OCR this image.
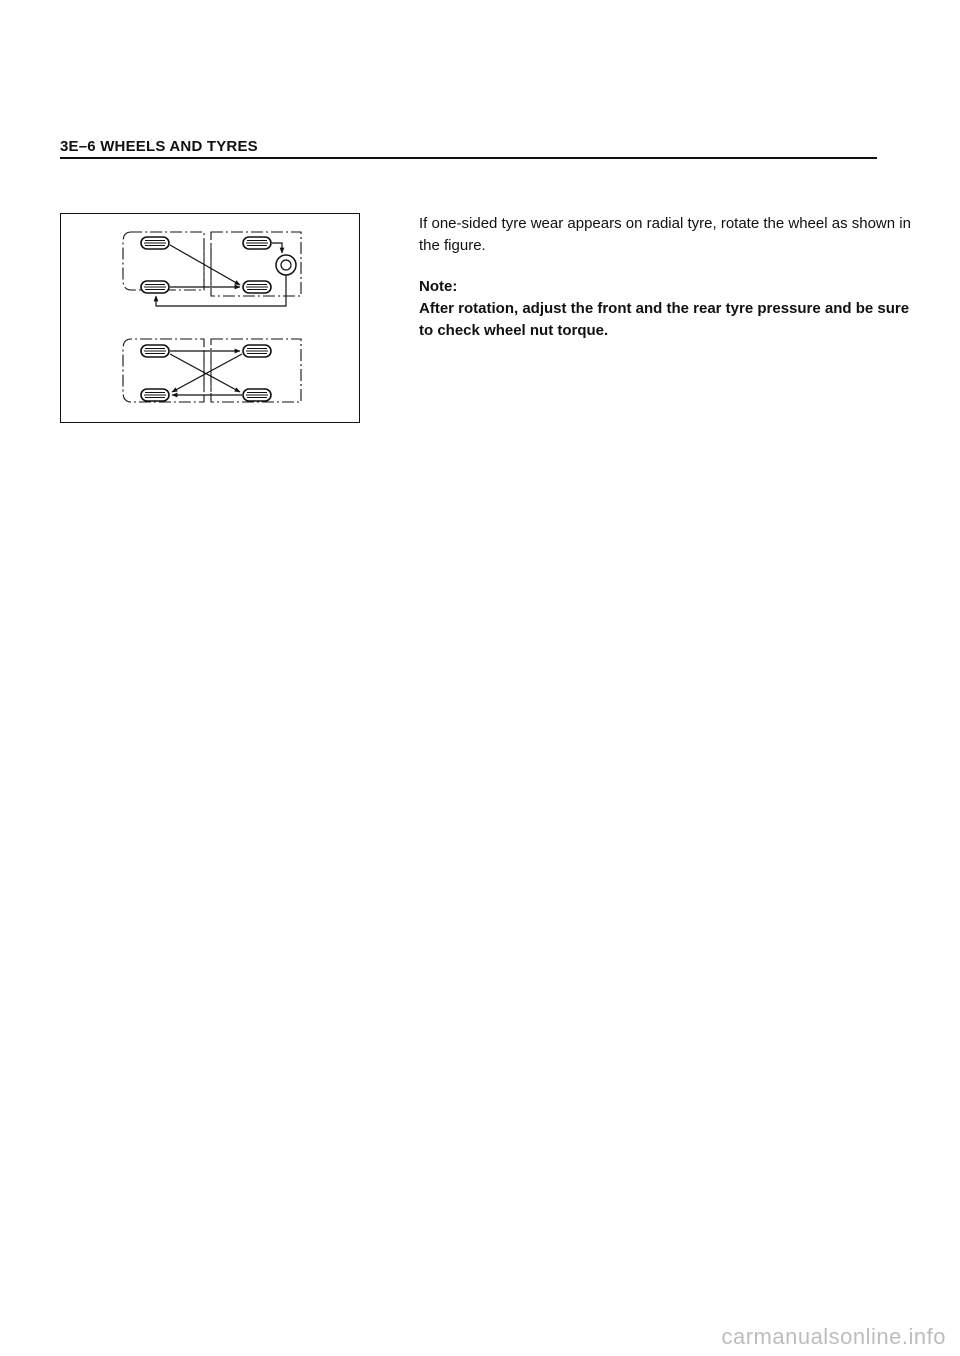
3E–6 WHEELS AND TYRES

If one-sided tyre wear appears on radial tyre, rotate the wheel as shown in the figure.

Note:

After rotation, adjust the front and the rear tyre pressure and be sure to check wheel nut torque.

carmanualsonline.info
